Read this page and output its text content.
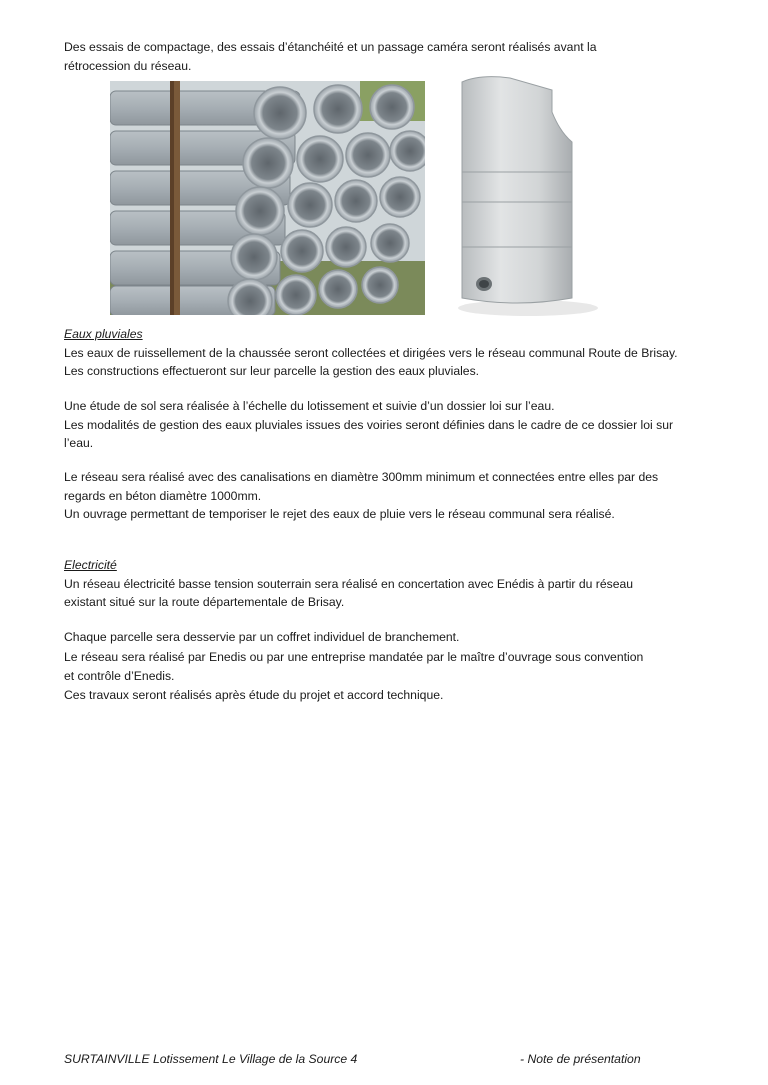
Des essais de compactage, des essais d’étanchéité et un passage caméra seront réalisés avant la

rétrocession du réseau.

Eaux pluviales

Les eaux de ruissellement de la chaussée seront collectées et dirigées vers le réseau communal Route de Brisay.

Les constructions effectueront sur leur parcelle la gestion des eaux pluviales.

Une étude de sol sera réalisée à l’échelle du lotissement et suivie d’un dossier loi sur l’eau.

Les modalités de gestion des eaux pluviales issues des voiries seront définies dans le cadre de ce dossier loi sur

l’eau.

Le réseau sera réalisé avec des canalisations en diamètre 300mm minimum et connectées entre elles par des

regards en béton diamètre 1000mm.

Un ouvrage permettant de temporiser le rejet des eaux de pluie vers le réseau communal sera réalisé.

Electricité

Un réseau électricité basse tension souterrain sera réalisé en concertation avec Enédis à partir du réseau

existant situé sur la route départementale de Brisay.

Chaque parcelle sera desservie par un coffret individuel de branchement.

Le réseau sera réalisé par Enedis ou par une entreprise mandatée par le maître d’ouvrage sous convention

et contrôle d’Enedis.

Ces travaux seront réalisés après étude du projet et accord technique.

SURTAINVILLE Lotissement Le Village de la Source 4	- Note de présentation
